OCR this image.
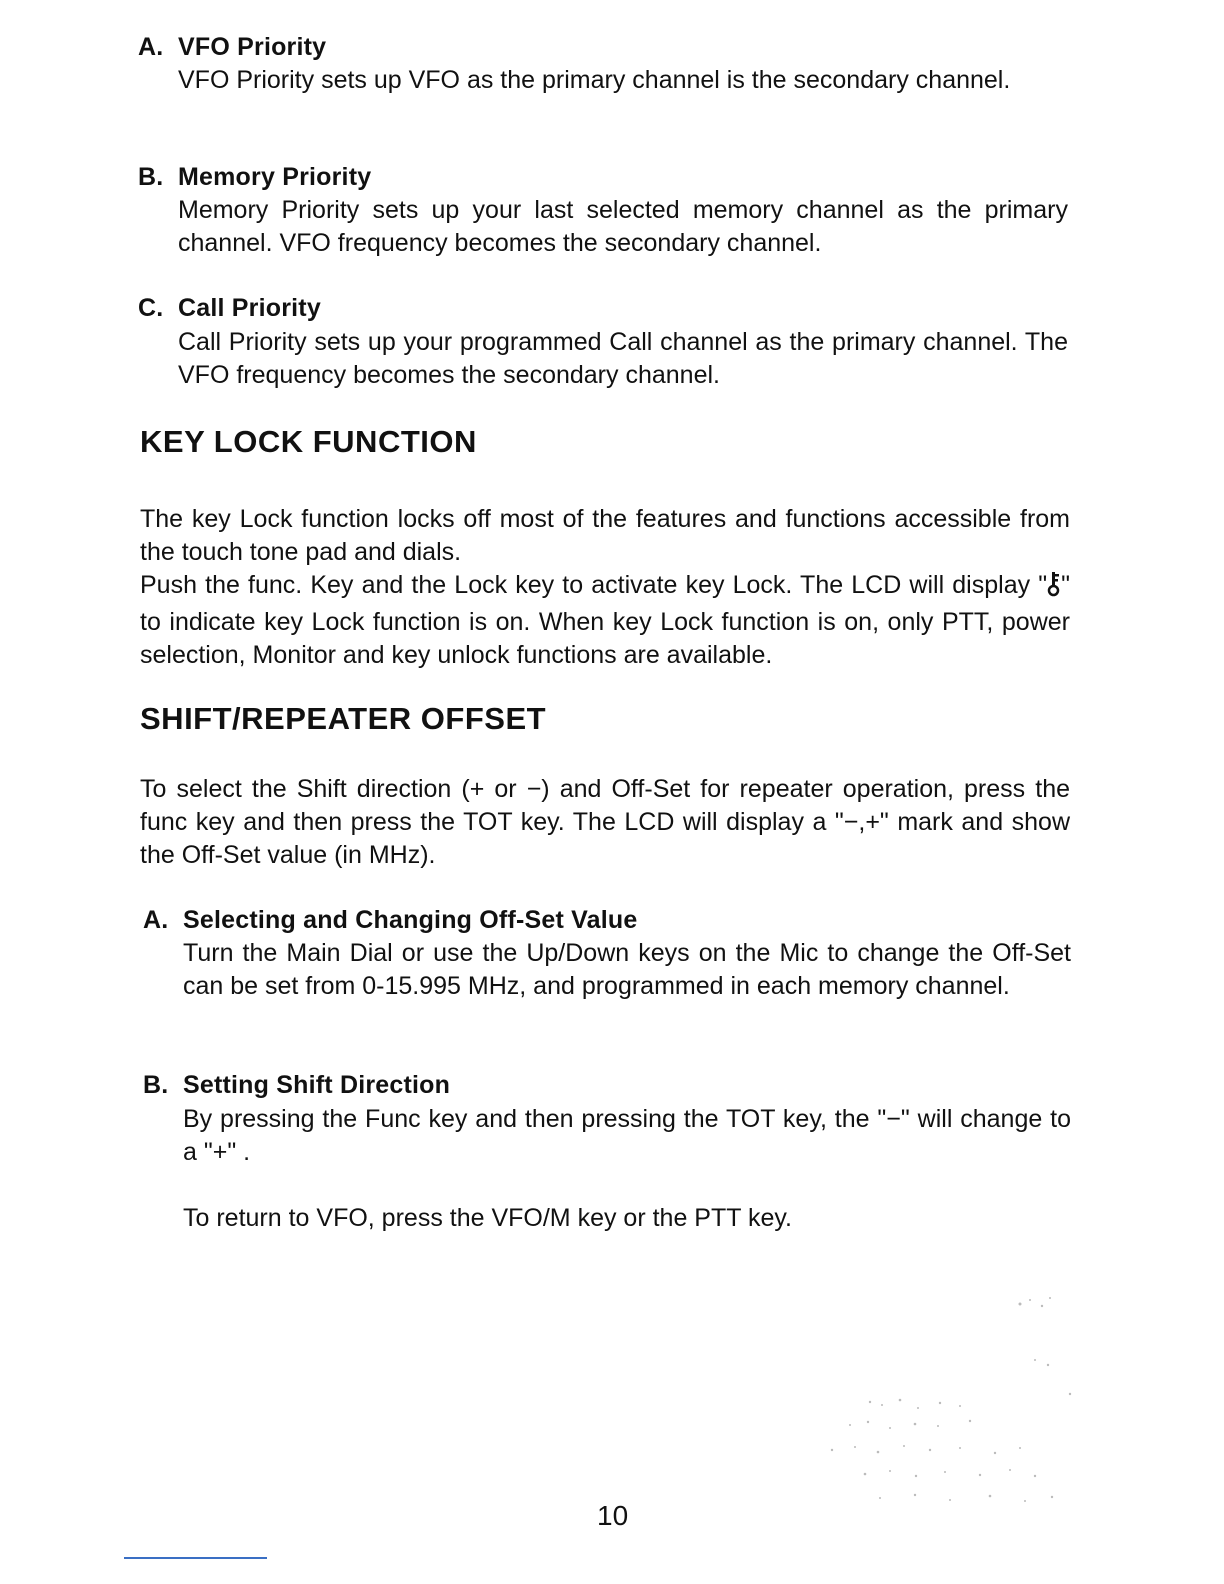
A. VFO Priority

VFO Priority sets up VFO as the primary channel is the secondary channel.

B. Memory Priority

Memory Priority sets up your last selected memory channel as the primary channel. VFO frequency becomes the secondary channel.

C. Call Priority

Call Priority sets up your programmed Call channel as the primary channel. The VFO frequency becomes the secondary channel.

KEY LOCK FUNCTION

The key Lock function locks off most of the features and functions accessible from the touch tone pad and dials.

Push the func. Key and the Lock key to activate key Lock. The LCD will display " " to indicate key Lock function is on. When key Lock function is on, only PTT, power selection, Monitor and key unlock functions are available.

SHIFT/REPEATER OFFSET

To select the Shift direction (+ or −) and Off-Set for repeater operation, press the func key and then press the TOT key. The LCD will display a "−,+" mark and show the Off-Set value (in MHz).

A. Selecting and Changing Off-Set Value

Turn the Main Dial or use the Up/Down keys on the Mic to change the Off-Set can be set from 0-15.995 MHz, and programmed in each memory channel.

B. Setting Shift Direction

By pressing the Func key and then pressing the TOT key, the "−" will change to a "+" .

To return to VFO, press the VFO/M key or the PTT key.

10
